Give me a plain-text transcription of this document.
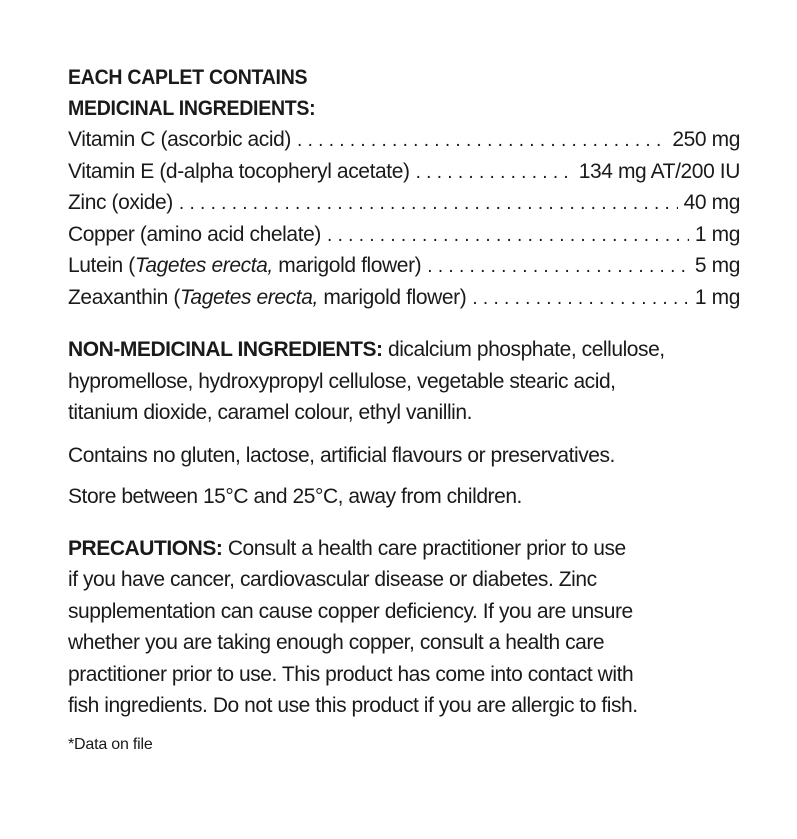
EACH CAPLET CONTAINS
MEDICINAL INGREDIENTS:
Vitamin C (ascorbic acid) . . .	250 mg
Vitamin E (d-alpha tocopheryl acetate) . . .	134 mg AT/200 IU
Zinc (oxide) . . .	40 mg
Copper (amino acid chelate) . . .	1 mg
Lutein (Tagetes erecta, marigold flower) . . .	5 mg
Zeaxanthin (Tagetes erecta, marigold flower) . . .	1 mg

NON-MEDICINAL INGREDIENTS: dicalcium phosphate, cellulose,
hypromellose, hydroxypropyl cellulose, vegetable stearic acid,
titanium dioxide, caramel colour, ethyl vanillin.

Contains no gluten, lactose, artificial flavours or preservatives.

Store between 15°C and 25°C, away from children.

PRECAUTIONS: Consult a health care practitioner prior to use
if you have cancer, cardiovascular disease or diabetes. Zinc
supplementation can cause copper deficiency. If you are unsure
whether you are taking enough copper, consult a health care
practitioner prior to use. This product has come into contact with
fish ingredients. Do not use this product if you are allergic to fish.

*Data on file
